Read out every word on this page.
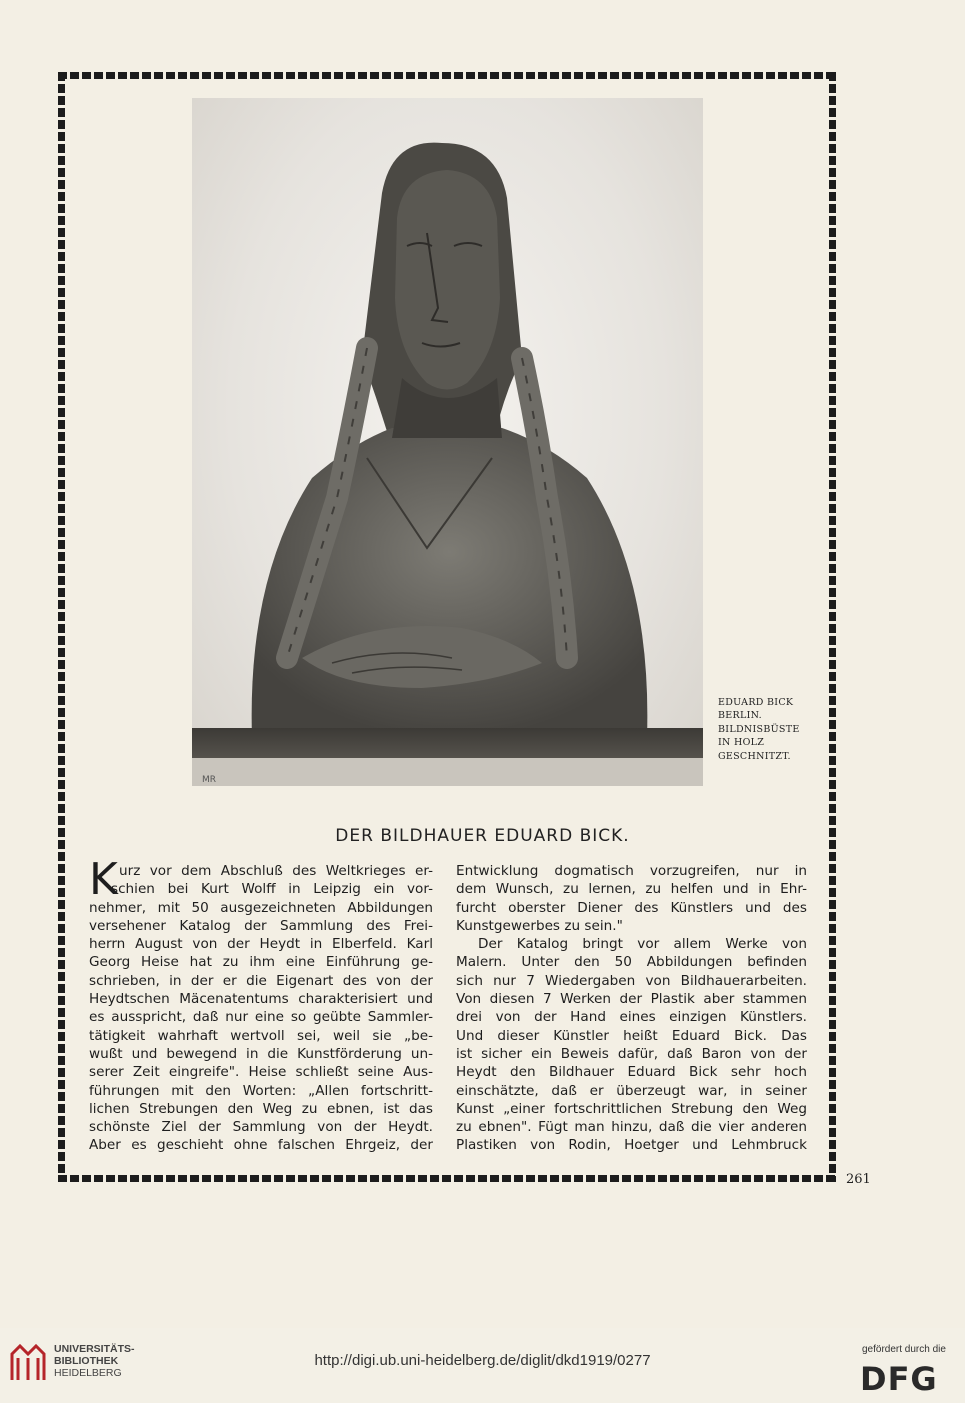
MR
EDUARD BICK
BERLIN.
BILDNISBÜSTE
IN HOLZ
GESCHNITZT.
DER BILDHAUER EDUARD BICK.
K urz vor dem Abschluß des Weltkrieges er-
schien bei Kurt Wolff in Leipzig ein vor-
nehmer, mit 50 ausgezeichneten Abbildungen
versehener Katalog der Sammlung des Frei-
herrn August von der Heydt in Elberfeld. Karl
Georg Heise hat zu ihm eine Einführung ge-
schrieben, in der er die Eigenart des von der
Heydtschen Mäcenatentums charakterisiert und
es ausspricht, daß nur eine so geübte Sammler-
tätigkeit wahrhaft wertvoll sei, weil sie „be-
wußt und bewegend in die Kunstförderung un-
serer Zeit eingreife". Heise schließt seine Aus-
führungen mit den Worten: „Allen fortschritt-
lichen Strebungen den Weg zu ebnen, ist das
schönste Ziel der Sammlung von der Heydt.
Aber es geschieht ohne falschen Ehrgeiz, der
Entwicklung dogmatisch vorzugreifen, nur in
dem Wunsch, zu lernen, zu helfen und in Ehr-
furcht oberster Diener des Künstlers und des
Kunstgewerbes zu sein."
Der Katalog bringt vor allem Werke von
Malern. Unter den 50 Abbildungen befinden
sich nur 7 Wiedergaben von Bildhauerarbeiten.
Von diesen 7 Werken der Plastik aber stammen
drei von der Hand eines einzigen Künstlers.
Und dieser Künstler heißt Eduard Bick. Das
ist sicher ein Beweis dafür, daß Baron von der
Heydt den Bildhauer Eduard Bick sehr hoch
einschätzte, daß er überzeugt war, in seiner
Kunst „einer fortschrittlichen Strebung den Weg
zu ebnen". Fügt man hinzu, daß die vier anderen
Plastiken von Rodin, Hoetger und Lehmbruck
261
UNIVERSITÄTS-
BIBLIOTHEK
HEIDELBERG
http://digi.ub.uni-heidelberg.de/diglit/dkd1919/0277
gefördert durch die
DFG
